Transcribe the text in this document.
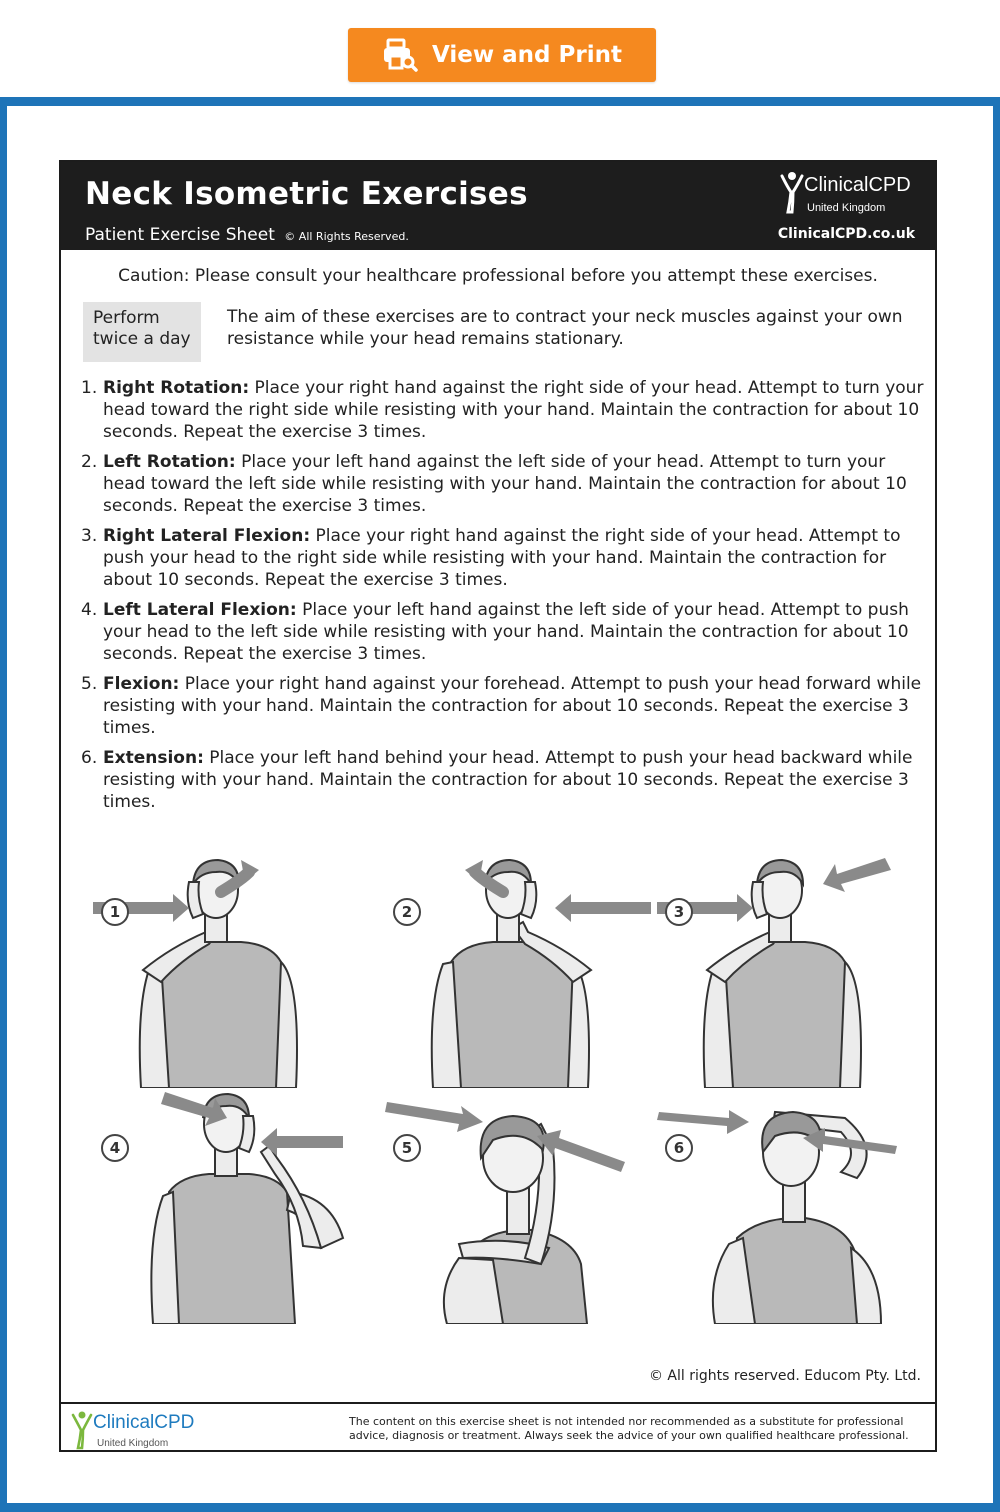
View and Print
Neck Isometric Exercises
Patient Exercise Sheet © All Rights Reserved.
ClinicalCPD
United Kingdom
ClinicalCPD.co.uk
Caution: Please consult your healthcare professional before you attempt these exercises.
Perform
twice a day
The aim of these exercises are to contract your neck muscles against your own resistance while your head remains stationary.
1. Right Rotation: Place your right hand against the right side of your head. Attempt to turn your head toward the right side while resisting with your hand. Maintain the contraction for about 10 seconds. Repeat the exercise 3 times.
2. Left Rotation: Place your left hand against the left side of your head. Attempt to turn your head toward the left side while resisting with your hand. Maintain the contraction for about 10 seconds. Repeat the exercise 3 times.
3. Right Lateral Flexion: Place your right hand against the right side of your head. Attempt to push your head to the right side while resisting with your hand. Maintain the contraction for about 10 seconds. Repeat the exercise 3 times.
4. Left Lateral Flexion: Place your left hand against the left side of your head. Attempt to push your head to the left side while resisting with your hand. Maintain the contraction for about 10 seconds. Repeat the exercise 3 times.
5. Flexion: Place your right hand against your forehead. Attempt to push your head forward while resisting with your hand. Maintain the contraction for about 10 seconds. Repeat the exercise 3 times.
6. Extension: Place your left hand behind your head. Attempt to push your head backward while resisting with your hand. Maintain the contraction for about 10 seconds. Repeat the exercise 3 times.
1	2	3
4	5	6
© All rights reserved. Educom Pty. Ltd.
ClinicalCPD
United Kingdom
The content on this exercise sheet is not intended nor recommended as a substitute for professional advice, diagnosis or treatment. Always seek the advice of your own qualified healthcare professional.
